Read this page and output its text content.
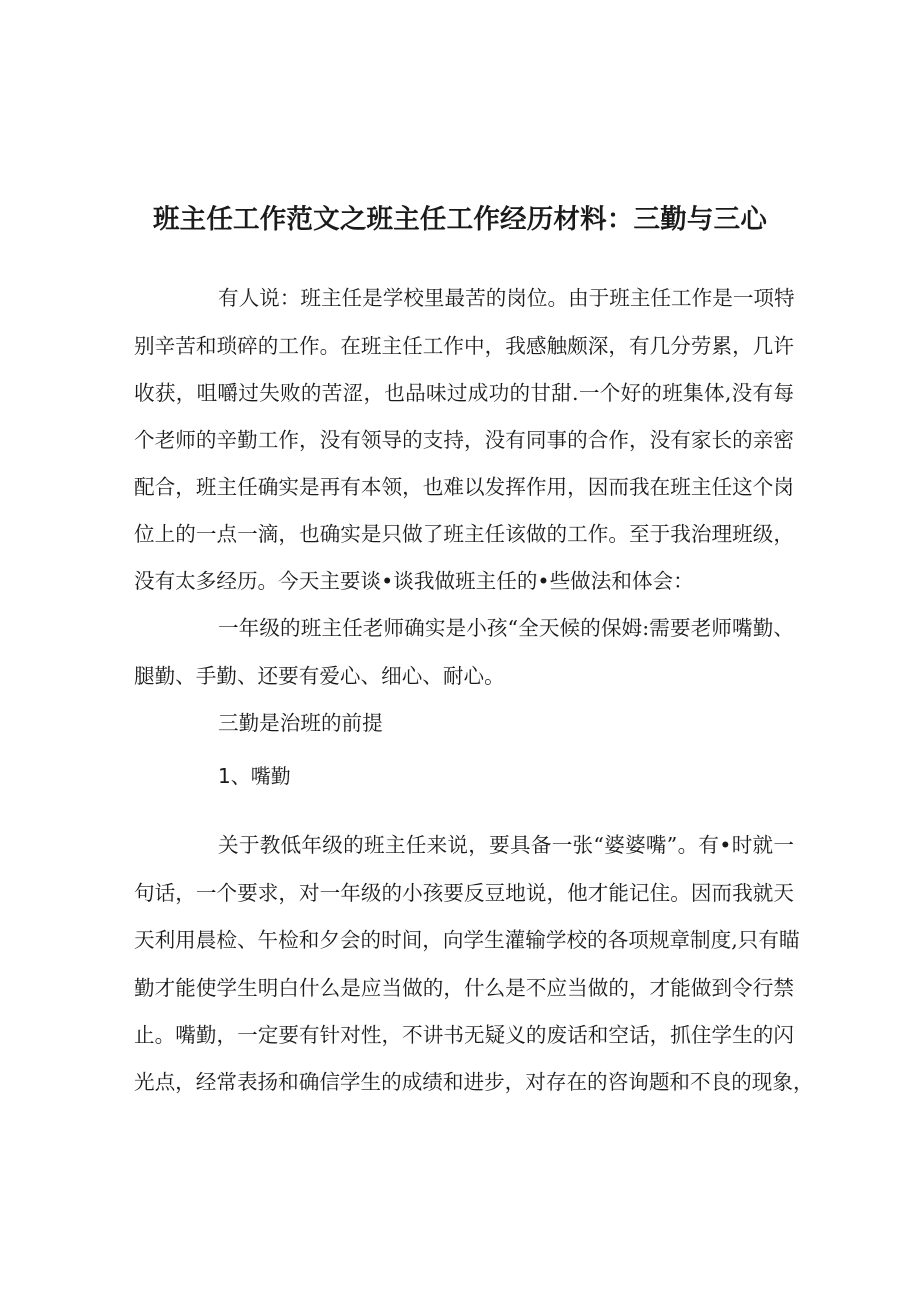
班主任工作范文之班主任工作经历材料：三勤与三心

有人说：班主任是学校里最苦的岗位。由于班主任工作是一项特

别辛苦和琐碎的工作。在班主任工作中，我感触颇深，有几分劳累，几许

收获，咀嚼过失败的苦涩，也品味过成功的甘甜.一个好的班集体,没有每

个老师的辛勤工作，没有领导的支持，没有同事的合作，没有家长的亲密

配合，班主任确实是再有本领，也难以发挥作用，因而我在班主任这个岗

位上的一点一滴，也确实是只做了班主任该做的工作。至于我治理班级，

没有太多经历。今天主要谈•谈我做班主任的•些做法和体会：

一年级的班主任老师确实是小孩“全天候的保姆:需要老师嘴勤、

腿勤、手勤、还要有爱心、细心、耐心。

三勤是治班的前提

1、嘴勤

关于教低年级的班主任来说，要具备一张“婆婆嘴”。有•时就一

句话，一个要求，对一年级的小孩要反豆地说，他才能记住。因而我就天

天利用晨检、午检和夕会的时间，向学生灌输学校的各项规章制度,只有瞄

勤才能使学生明白什么是应当做的，什么是不应当做的，才能做到令行禁

止。嘴勤，一定要有针对性，不讲书无疑义的废话和空话，抓住学生的闪

光点，经常表扬和确信学生的成绩和进步，对存在的咨询题和不良的现象，
